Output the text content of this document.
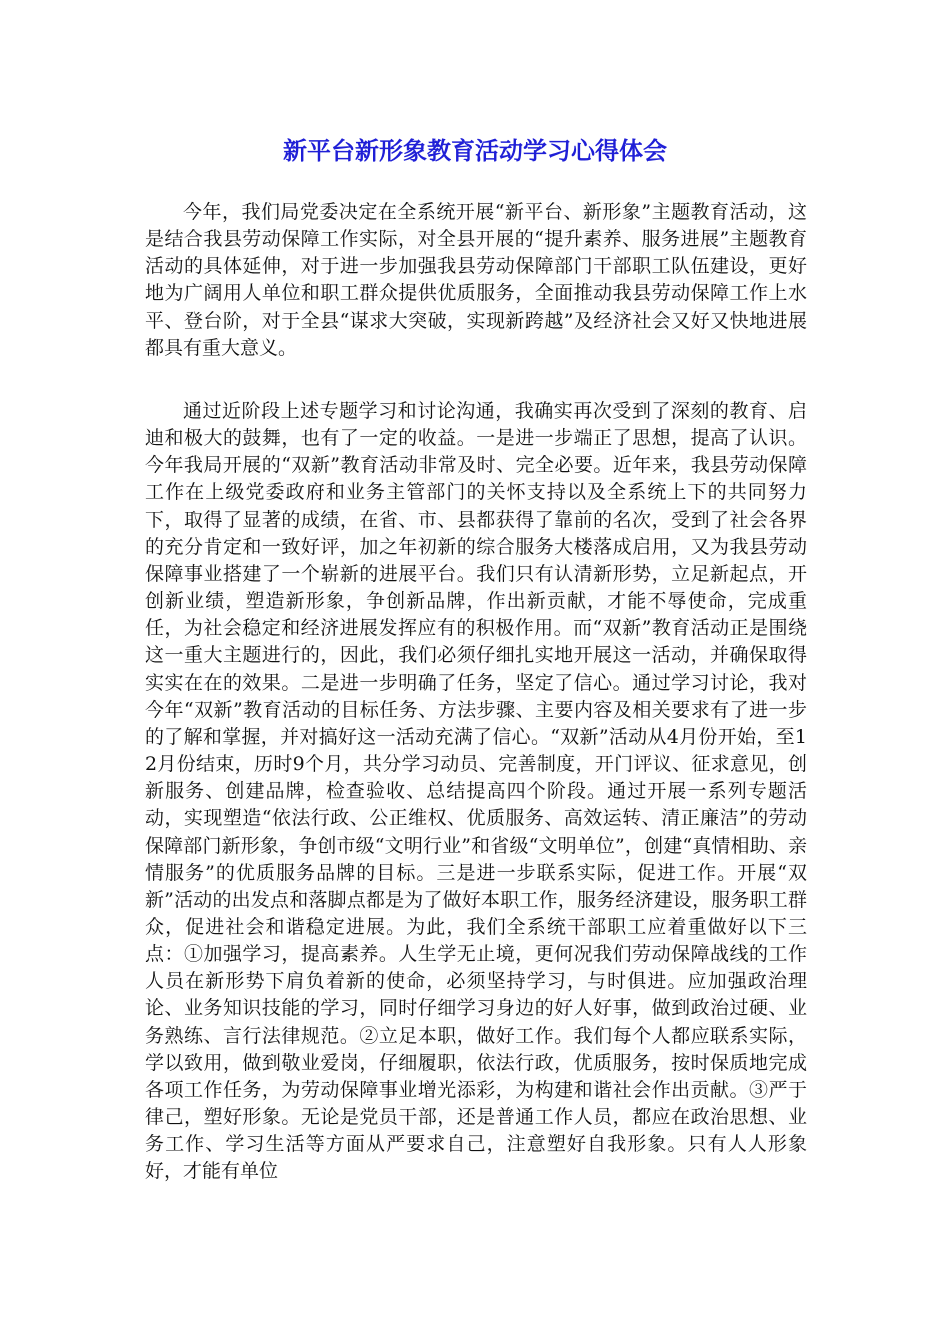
新平台新形象教育活动学习心得体会

今年，我们局党委决定在全系统开展“新平台、新形象”主题教育活动，这是结合我县劳动保障工作实际，对全县开展的“提升素养、服务进展”主题教育活动的具体延伸，对于进一步加强我县劳动保障部门干部职工队伍建设，更好地为广阔用人单位和职工群众提供优质服务，全面推动我县劳动保障工作上水平、登台阶，对于全县“谋求大突破，实现新跨越”及经济社会又好又快地进展都具有重大意义。

通过近阶段上述专题学习和讨论沟通，我确实再次受到了深刻的教育、启迪和极大的鼓舞，也有了一定的收益。一是进一步端正了思想，提高了认识。今年我局开展的“双新”教育活动非常及时、完全必要。近年来，我县劳动保障工作在上级党委政府和业务主管部门的关怀支持以及全系统上下的共同努力下，取得了显著的成绩，在省、市、县都获得了靠前的名次，受到了社会各界的充分肯定和一致好评，加之年初新的综合服务大楼落成启用，又为我县劳动保障事业搭建了一个崭新的进展平台。我们只有认清新形势，立足新起点，开创新业绩，塑造新形象，争创新品牌，作出新贡献，才能不辱使命，完成重任，为社会稳定和经济进展发挥应有的积极作用。而“双新”教育活动正是围绕这一重大主题进行的，因此，我们必须仔细扎实地开展这一活动，并确保取得实实在在的效果。二是进一步明确了任务，坚定了信心。通过学习讨论，我对今年“双新”教育活动的目标任务、方法步骤、主要内容及相关要求有了进一步的了解和掌握，并对搞好这一活动充满了信心。“双新”活动从4月份开始，至12月份结束，历时9个月，共分学习动员、完善制度，开门评议、征求意见，创新服务、创建品牌，检查验收、总结提高四个阶段。通过开展一系列专题活动，实现塑造“依法行政、公正维权、优质服务、高效运转、清正廉洁”的劳动保障部门新形象，争创市级“文明行业”和省级“文明单位”，创建“真情相助、亲情服务”的优质服务品牌的目标。三是进一步联系实际，促进工作。开展“双新”活动的出发点和落脚点都是为了做好本职工作，服务经济建设，服务职工群众，促进社会和谐稳定进展。为此，我们全系统干部职工应着重做好以下三点：①加强学习，提高素养。人生学无止境，更何况我们劳动保障战线的工作人员在新形势下肩负着新的使命，必须坚持学习，与时俱进。应加强政治理论、业务知识技能的学习，同时仔细学习身边的好人好事，做到政治过硬、业务熟练、言行法律规范。②立足本职，做好工作。我们每个人都应联系实际，学以致用，做到敬业爱岗，仔细履职，依法行政，优质服务，按时保质地完成各项工作任务，为劳动保障事业增光添彩，为构建和谐社会作出贡献。③严于律己，塑好形象。无论是党员干部，还是普通工作人员，都应在政治思想、业务工作、学习生活等方面从严要求自己，注意塑好自我形象。只有人人形象好，才能有单位
